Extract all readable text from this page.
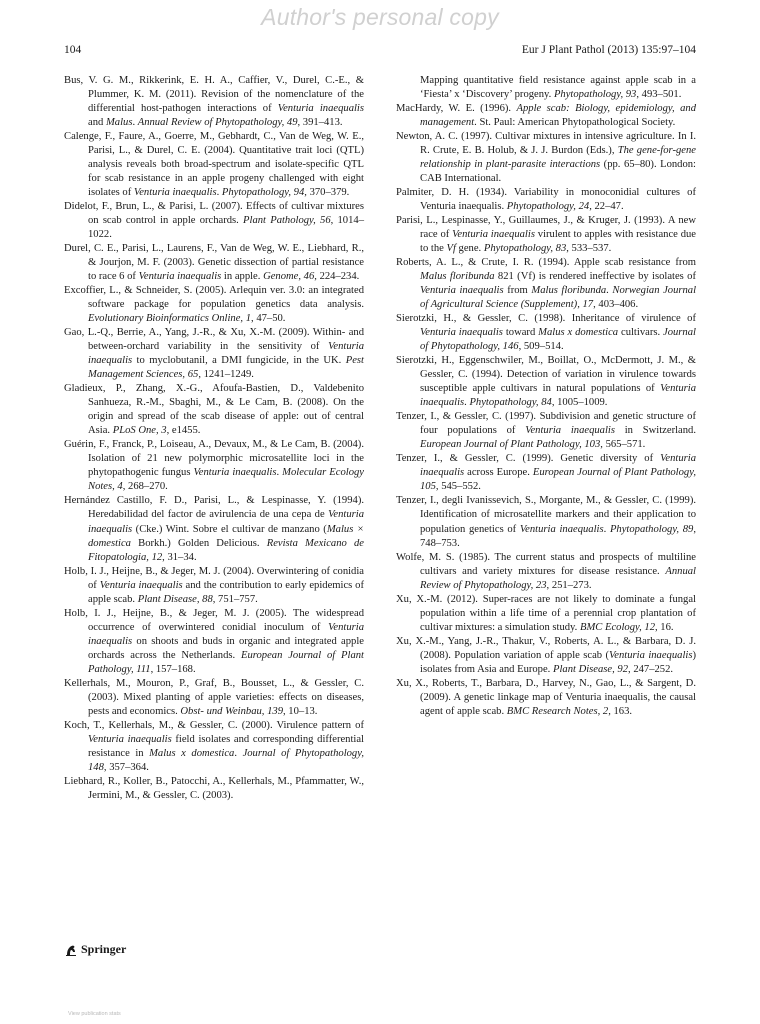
Author's personal copy
104	Eur J Plant Pathol (2013) 135:97–104
Bus, V. G. M., Rikkerink, E. H. A., Caffier, V., Durel, C.-E., & Plummer, K. M. (2011). Revision of the nomenclature of the differential host-pathogen interactions of Venturia inaequalis and Malus. Annual Review of Phytopathology, 49, 391–413.
Calenge, F., Faure, A., Goerre, M., Gebhardt, C., Van de Weg, W. E., Parisi, L., & Durel, C. E. (2004). Quantitative trait loci (QTL) analysis reveals both broad-spectrum and isolate-specific QTL for scab resistance in an apple progeny challenged with eight isolates of Venturia inaequalis. Phytopathology, 94, 370–379.
Didelot, F., Brun, L., & Parisi, L. (2007). Effects of cultivar mixtures on scab control in apple orchards. Plant Pathology, 56, 1014–1022.
Durel, C. E., Parisi, L., Laurens, F., Van de Weg, W. E., Liebhard, R., & Jourjon, M. F. (2003). Genetic dissection of partial resistance to race 6 of Venturia inaequalis in apple. Genome, 46, 224–234.
Excoffier, L., & Schneider, S. (2005). Arlequin ver. 3.0: an integrated software package for population genetics data analysis. Evolutionary Bioinformatics Online, 1, 47–50.
Gao, L.-Q., Berrie, A., Yang, J.-R., & Xu, X.-M. (2009). Within- and between-orchard variability in the sensitivity of Venturia inaequalis to myclobutanil, a DMI fungicide, in the UK. Pest Management Sciences, 65, 1241–1249.
Gladieux, P., Zhang, X.-G., Afoufa-Bastien, D., Valdebenito Sanhueza, R.-M., Sbaghi, M., & Le Cam, B. (2008). On the origin and spread of the scab disease of apple: out of central Asia. PLoS One, 3, e1455.
Guérin, F., Franck, P., Loiseau, A., Devaux, M., & Le Cam, B. (2004). Isolation of 21 new polymorphic microsatellite loci in the phytopathogenic fungus Venturia inaequalis. Molecular Ecology Notes, 4, 268–270.
Hernández Castillo, F. D., Parisi, L., & Lespinasse, Y. (1994). Heredabilidad del factor de avirulencia de una cepa de Venturia inaequalis (Cke.) Wint. Sobre el cultivar de manzano (Malus × domestica Borkh.) Golden Delicious. Revista Mexicano de Fitopatologia, 12, 31–34.
Holb, I. J., Heijne, B., & Jeger, M. J. (2004). Overwintering of conidia of Venturia inaequalis and the contribution to early epidemics of apple scab. Plant Disease, 88, 751–757.
Holb, I. J., Heijne, B., & Jeger, M. J. (2005). The widespread occurrence of overwintered conidial inoculum of Venturia inaequalis on shoots and buds in organic and integrated apple orchards across the Netherlands. European Journal of Plant Pathology, 111, 157–168.
Kellerhals, M., Mouron, P., Graf, B., Bousset, L., & Gessler, C. (2003). Mixed planting of apple varieties: effects on diseases, pests and economics. Obst- und Weinbau, 139, 10–13.
Koch, T., Kellerhals, M., & Gessler, C. (2000). Virulence pattern of Venturia inaequalis field isolates and corresponding differential resistance in Malus x domestica. Journal of Phytopathology, 148, 357–364.
Liebhard, R., Koller, B., Patocchi, A., Kellerhals, M., Pfammatter, W., Jermini, M., & Gessler, C. (2003).
Mapping quantitative field resistance against apple scab in a ‘Fiesta’ x ‘Discovery’ progeny. Phytopathology, 93, 493–501.
MacHardy, W. E. (1996). Apple scab: Biology, epidemiology, and management. St. Paul: American Phytopathological Society.
Newton, A. C. (1997). Cultivar mixtures in intensive agriculture. In I. R. Crute, E. B. Holub, & J. J. Burdon (Eds.), The gene-for-gene relationship in plant-parasite interactions (pp. 65–80). London: CAB International.
Palmiter, D. H. (1934). Variability in monoconidial cultures of Venturia inaequalis. Phytopathology, 24, 22–47.
Parisi, L., Lespinasse, Y., Guillaumes, J., & Kruger, J. (1993). A new race of Venturia inaequalis virulent to apples with resistance due to the Vf gene. Phytopathology, 83, 533–537.
Roberts, A. L., & Crute, I. R. (1994). Apple scab resistance from Malus floribunda 821 (Vf) is rendered ineffective by isolates of Venturia inaequalis from Malus floribunda. Norwegian Journal of Agricultural Science (Supplement), 17, 403–406.
Sierotzki, H., & Gessler, C. (1998). Inheritance of virulence of Venturia inaequalis toward Malus x domestica cultivars. Journal of Phytopathology, 146, 509–514.
Sierotzki, H., Eggenschwiler, M., Boillat, O., McDermott, J. M., & Gessler, C. (1994). Detection of variation in virulence towards susceptible apple cultivars in natural populations of Venturia inaequalis. Phytopathology, 84, 1005–1009.
Tenzer, I., & Gessler, C. (1997). Subdivision and genetic structure of four populations of Venturia inaequalis in Switzerland. European Journal of Plant Pathology, 103, 565–571.
Tenzer, I., & Gessler, C. (1999). Genetic diversity of Venturia inaequalis across Europe. European Journal of Plant Pathology, 105, 545–552.
Tenzer, I., degli Ivanissevich, S., Morgante, M., & Gessler, C. (1999). Identification of microsatellite markers and their application to population genetics of Venturia inaequalis. Phytopathology, 89, 748–753.
Wolfe, M. S. (1985). The current status and prospects of multiline cultivars and variety mixtures for disease resistance. Annual Review of Phytopathology, 23, 251–273.
Xu, X.-M. (2012). Super-races are not likely to dominate a fungal population within a life time of a perennial crop plantation of cultivar mixtures: a simulation study. BMC Ecology, 12, 16.
Xu, X.-M., Yang, J.-R., Thakur, V., Roberts, A. L., & Barbara, D. J. (2008). Population variation of apple scab (Venturia inaequalis) isolates from Asia and Europe. Plant Disease, 92, 247–252.
Xu, X., Roberts, T., Barbara, D., Harvey, N., Gao, L., & Sargent, D. (2009). A genetic linkage map of Venturia inaequalis, the causal agent of apple scab. BMC Research Notes, 2, 163.
Springer
View publication stats
